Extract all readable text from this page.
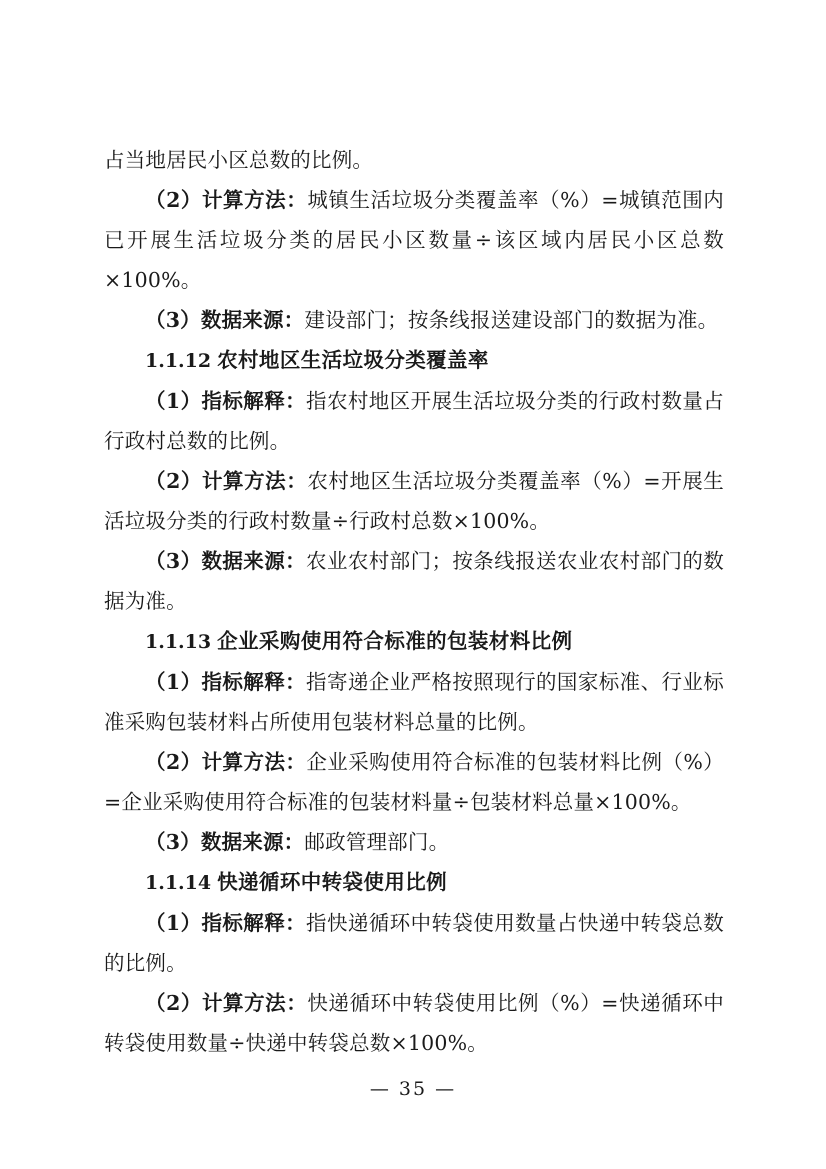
占当地居民小区总数的比例。

（2）计算方法：城镇生活垃圾分类覆盖率（%）=城镇范围内已开展生活垃圾分类的居民小区数量÷该区域内居民小区总数×100%。

（3）数据来源：建设部门；按条线报送建设部门的数据为准。

1.1.12 农村地区生活垃圾分类覆盖率

（1）指标解释：指农村地区开展生活垃圾分类的行政村数量占行政村总数的比例。

（2）计算方法：农村地区生活垃圾分类覆盖率（%）=开展生活垃圾分类的行政村数量÷行政村总数×100%。

（3）数据来源：农业农村部门；按条线报送农业农村部门的数据为准。

1.1.13 企业采购使用符合标准的包装材料比例

（1）指标解释：指寄递企业严格按照现行的国家标准、行业标准采购包装材料占所使用包装材料总量的比例。

（2）计算方法：企业采购使用符合标准的包装材料比例（%）=企业采购使用符合标准的包装材料量÷包装材料总量×100%。

（3）数据来源：邮政管理部门。

1.1.14 快递循环中转袋使用比例

（1）指标解释：指快递循环中转袋使用数量占快递中转袋总数的比例。

（2）计算方法：快递循环中转袋使用比例（%）=快递循环中转袋使用数量÷快递中转袋总数×100%。

— 35 —
